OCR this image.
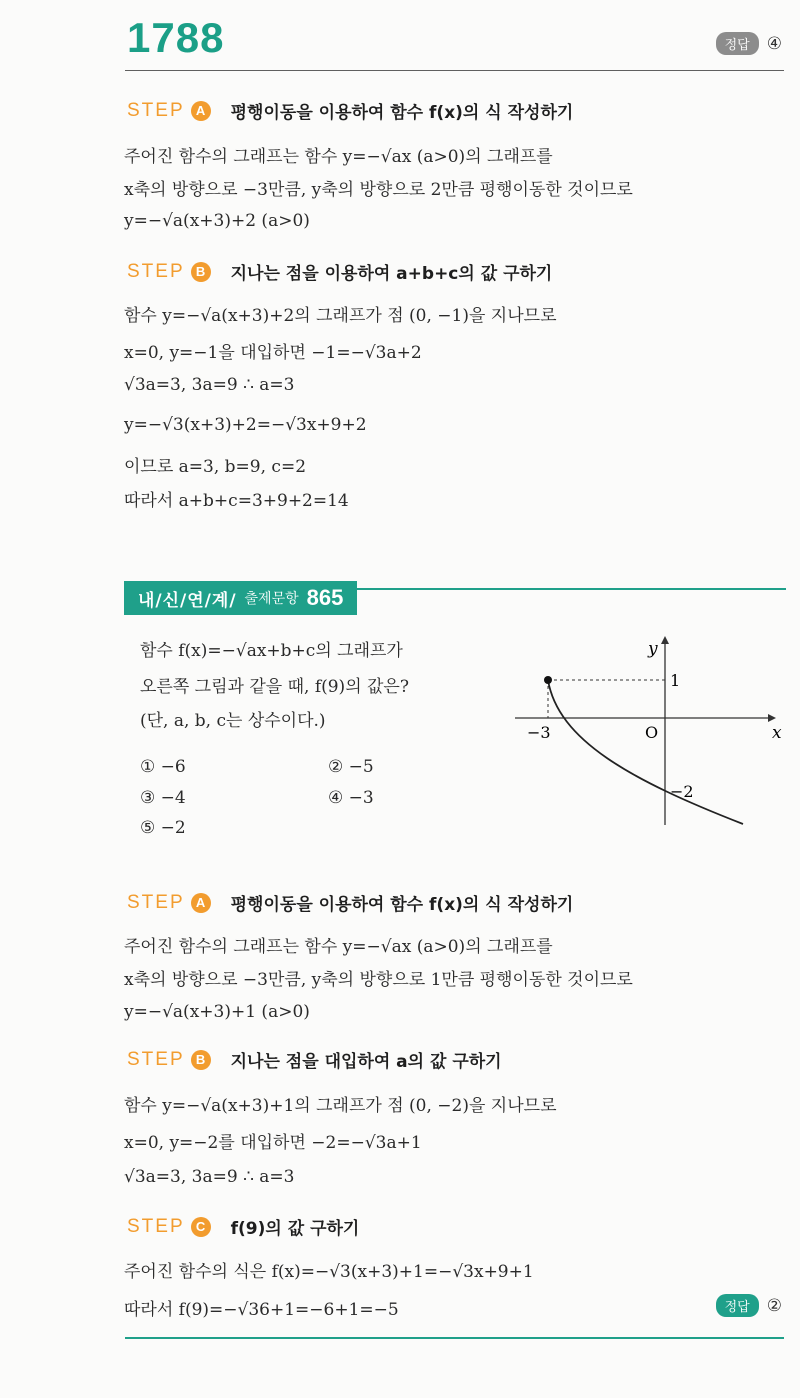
1788	정답	④
STEP A	평행이동을 이용하여 함수 f(x)의 식 작성하기
주어진 함수의 그래프는 함수 y=−√ax (a>0)의 그래프를
x축의 방향으로 −3만큼, y축의 방향으로 2만큼 평행이동한 것이므로
y=−√a(x+3)+2 (a>0)
STEP B	지나는 점을 이용하여 a+b+c의 값 구하기
함수 y=−√a(x+3)+2의 그래프가 점 (0, −1)을 지나므로
x=0, y=−1을 대입하면 −1=−√3a+2
√3a=3, 3a=9 ∴ a=3
y=−√3(x+3)+2=−√3x+9+2
이므로 a=3, b=9, c=2
따라서 a+b+c=3+9+2=14
내/신/연/계/ 출제문항 865
함수 f(x)=−√ax+b+c의 그래프가
오른쪽 그림과 같을 때, f(9)의 값은?
(단, a, b, c는 상수이다.)
① −6	② −5
③ −4	④ −3
⑤ −2
x
y
O
−3
1
−2
STEP A	평행이동을 이용하여 함수 f(x)의 식 작성하기
주어진 함수의 그래프는 함수 y=−√ax (a>0)의 그래프를
x축의 방향으로 −3만큼, y축의 방향으로 1만큼 평행이동한 것이므로
y=−√a(x+3)+1 (a>0)
STEP B	지나는 점을 대입하여 a의 값 구하기
함수 y=−√a(x+3)+1의 그래프가 점 (0, −2)을 지나므로
x=0, y=−2를 대입하면 −2=−√3a+1
√3a=3, 3a=9 ∴ a=3
STEP C	f(9)의 값 구하기
주어진 함수의 식은 f(x)=−√3(x+3)+1=−√3x+9+1
따라서 f(9)=−√36+1=−6+1=−5	정답	②
